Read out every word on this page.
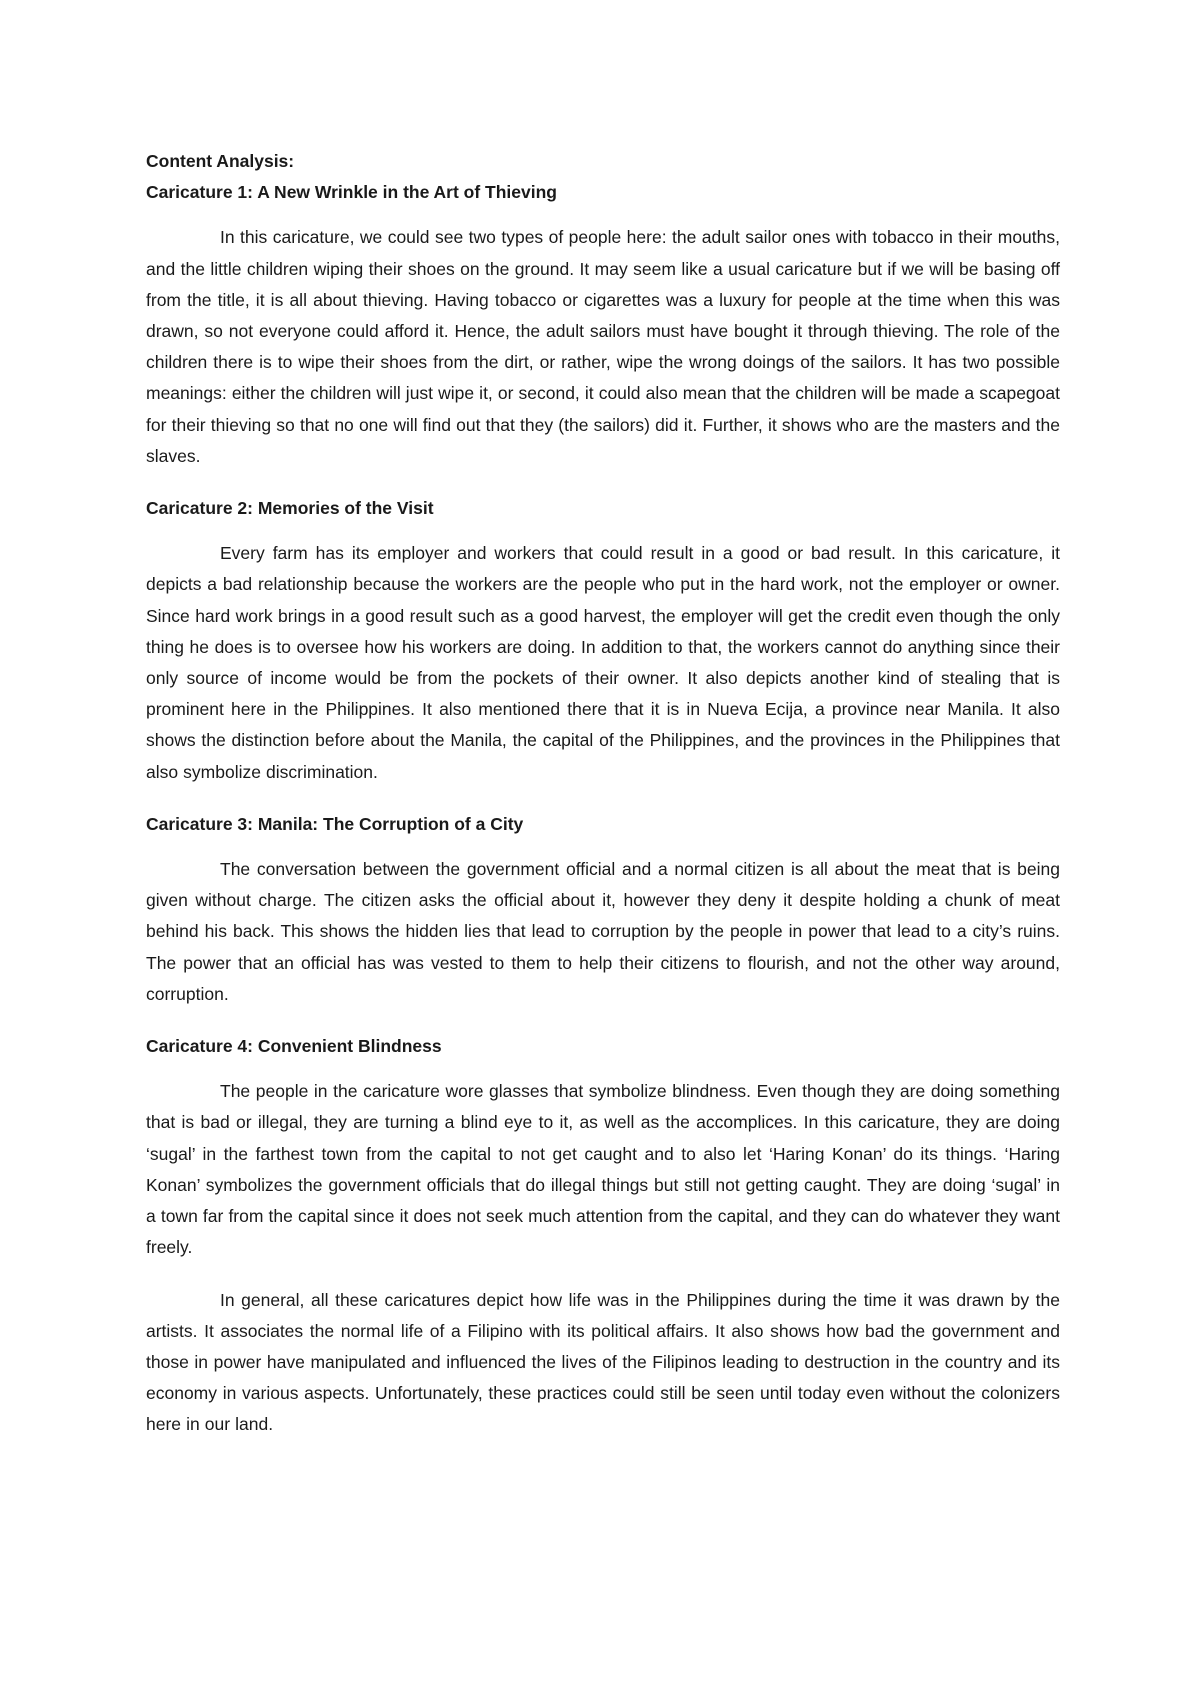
Content Analysis:

Caricature 1: A New Wrinkle in the Art of Thieving

In this caricature, we could see two types of people here: the adult sailor ones with tobacco in their mouths, and the little children wiping their shoes on the ground. It may seem like a usual caricature but if we will be basing off from the title, it is all about thieving. Having tobacco or cigarettes was a luxury for people at the time when this was drawn, so not everyone could afford it. Hence, the adult sailors must have bought it through thieving. The role of the children there is to wipe their shoes from the dirt, or rather, wipe the wrong doings of the sailors. It has two possible meanings: either the children will just wipe it, or second, it could also mean that the children will be made a scapegoat for their thieving so that no one will find out that they (the sailors) did it. Further, it shows who are the masters and the slaves.

Caricature 2: Memories of the Visit

Every farm has its employer and workers that could result in a good or bad result. In this caricature, it depicts a bad relationship because the workers are the people who put in the hard work, not the employer or owner. Since hard work brings in a good result such as a good harvest, the employer will get the credit even though the only thing he does is to oversee how his workers are doing. In addition to that, the workers cannot do anything since their only source of income would be from the pockets of their owner. It also depicts another kind of stealing that is prominent here in the Philippines. It also mentioned there that it is in Nueva Ecija, a province near Manila. It also shows the distinction before about the Manila, the capital of the Philippines, and the provinces in the Philippines that also symbolize discrimination.

Caricature 3: Manila: The Corruption of a City

The conversation between the government official and a normal citizen is all about the meat that is being given without charge. The citizen asks the official about it, however they deny it despite holding a chunk of meat behind his back. This shows the hidden lies that lead to corruption by the people in power that lead to a city’s ruins. The power that an official has was vested to them to help their citizens to flourish, and not the other way around, corruption.

Caricature 4: Convenient Blindness

The people in the caricature wore glasses that symbolize blindness. Even though they are doing something that is bad or illegal, they are turning a blind eye to it, as well as the accomplices. In this caricature, they are doing ‘sugal’ in the farthest town from the capital to not get caught and to also let ‘Haring Konan’ do its things. ‘Haring Konan’ symbolizes the government officials that do illegal things but still not getting caught. They are doing ‘sugal’ in a town far from the capital since it does not seek much attention from the capital, and they can do whatever they want freely.

In general, all these caricatures depict how life was in the Philippines during the time it was drawn by the artists. It associates the normal life of a Filipino with its political affairs. It also shows how bad the government and those in power have manipulated and influenced the lives of the Filipinos leading to destruction in the country and its economy in various aspects. Unfortunately, these practices could still be seen until today even without the colonizers here in our land.
